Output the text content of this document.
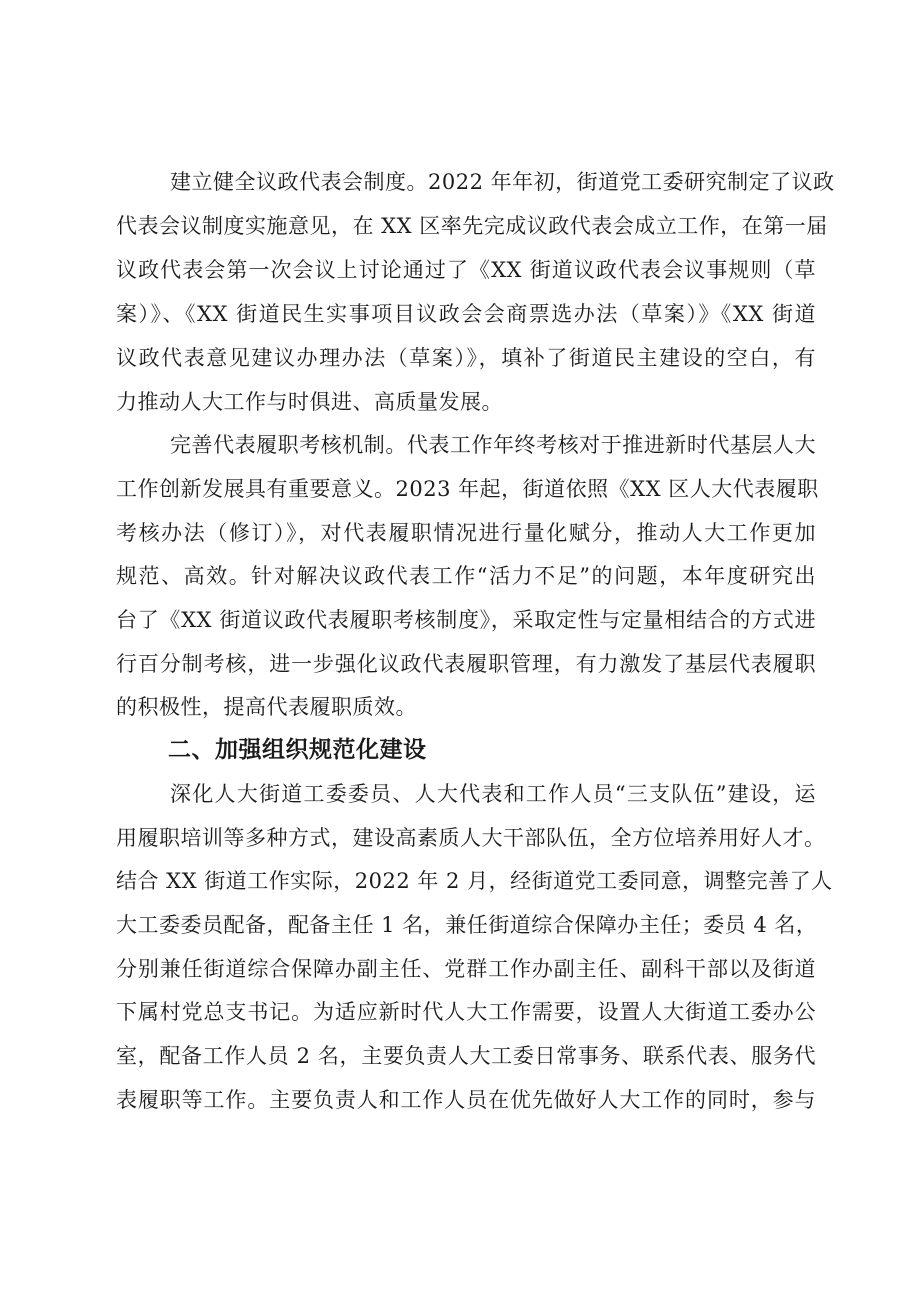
建立健全议政代表会制度。2022 年年初，街道党工委研究制定了议政
代表会议制度实施意见，在 XX 区率先完成议政代表会成立工作，在第一届
议政代表会第一次会议上讨论通过了《XX 街道议政代表会议事规则（草
案）》、《XX 街道民生实事项目议政会会商票选办法（草案）》《XX 街道
议政代表意见建议办理办法（草案）》，填补了街道民主建设的空白，有
力推动人大工作与时俱进、高质量发展。
完善代表履职考核机制。代表工作年终考核对于推进新时代基层人大
工作创新发展具有重要意义。2023 年起，街道依照《XX 区人大代表履职
考核办法（修订）》，对代表履职情况进行量化赋分，推动人大工作更加
规范、高效。针对解决议政代表工作“活力不足”的问题，本年度研究出
台了《XX 街道议政代表履职考核制度》，采取定性与定量相结合的方式进
行百分制考核，进一步强化议政代表履职管理，有力激发了基层代表履职
的积极性，提高代表履职质效。
二、加强组织规范化建设
深化人大街道工委委员、人大代表和工作人员“三支队伍”建设，运
用履职培训等多种方式，建设高素质人大干部队伍，全方位培养用好人才。
结合 XX 街道工作实际，2022 年 2 月，经街道党工委同意，调整完善了人
大工委委员配备，配备主任 1 名，兼任街道综合保障办主任；委员 4 名，
分别兼任街道综合保障办副主任、党群工作办副主任、副科干部以及街道
下属村党总支书记。为适应新时代人大工作需要，设置人大街道工委办公
室，配备工作人员 2 名，主要负责人大工委日常事务、联系代表、服务代
表履职等工作。主要负责人和工作人员在优先做好人大工作的同时，参与
